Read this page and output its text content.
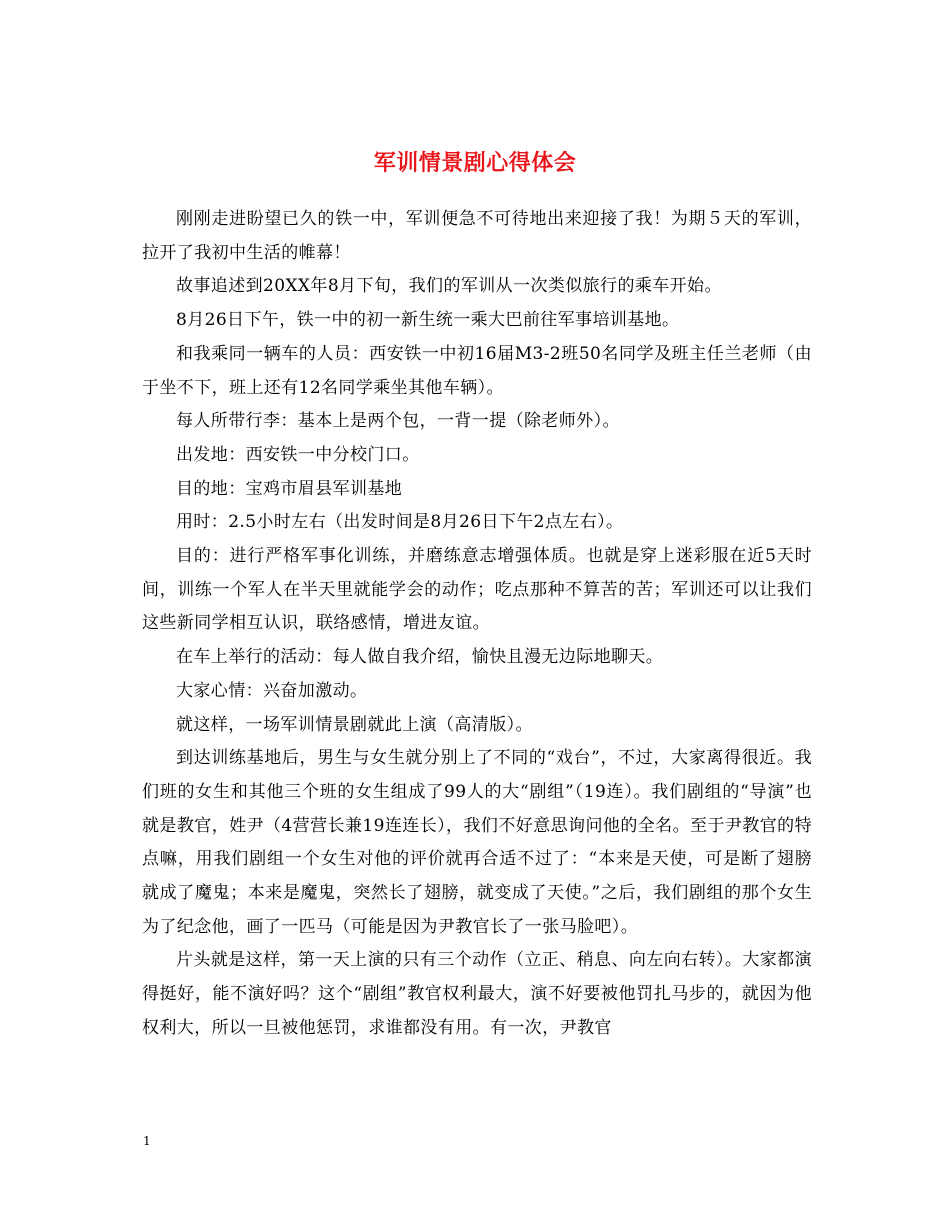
军训情景剧心得体会

刚刚走进盼望已久的铁一中，军训便急不可待地出来迎接了我！为期５天的军训，拉开了我初中生活的帷幕！

故事追述到20XX年8月下旬，我们的军训从一次类似旅行的乘车开始。

8月26日下午，铁一中的初一新生统一乘大巴前往军事培训基地。

和我乘同一辆车的人员：西安铁一中初16届M3-2班50名同学及班主任兰老师（由于坐不下，班上还有12名同学乘坐其他车辆）。

每人所带行李：基本上是两个包，一背一提（除老师外）。

出发地：西安铁一中分校门口。

目的地：宝鸡市眉县军训基地

用时：2.5小时左右（出发时间是8月26日下午2点左右）。

目的：进行严格军事化训练，并磨练意志增强体质。也就是穿上迷彩服在近5天时间，训练一个军人在半天里就能学会的动作；吃点那种不算苦的苦；军训还可以让我们这些新同学相互认识，联络感情，增进友谊。

在车上举行的活动：每人做自我介绍，愉快且漫无边际地聊天。

大家心情：兴奋加激动。

就这样，一场军训情景剧就此上演（高清版）。

到达训练基地后，男生与女生就分别上了不同的“戏台”，不过，大家离得很近。我们班的女生和其他三个班的女生组成了99人的大“剧组”（19连）。我们剧组的“导演”也就是教官，姓尹（4营营长兼19连连长），我们不好意思询问他的全名。至于尹教官的特点嘛，用我们剧组一个女生对他的评价就再合适不过了：“本来是天使，可是断了翅膀就成了魔鬼；本来是魔鬼，突然长了翅膀，就变成了天使。”之后，我们剧组的那个女生为了纪念他，画了一匹马（可能是因为尹教官长了一张马脸吧）。

片头就是这样，第一天上演的只有三个动作（立正、稍息、向左向右转）。大家都演得挺好，能不演好吗？这个“剧组”教官权利最大，演不好要被他罚扎马步的，就因为他权利大，所以一旦被他惩罚，求谁都没有用。有一次，尹教官

1
